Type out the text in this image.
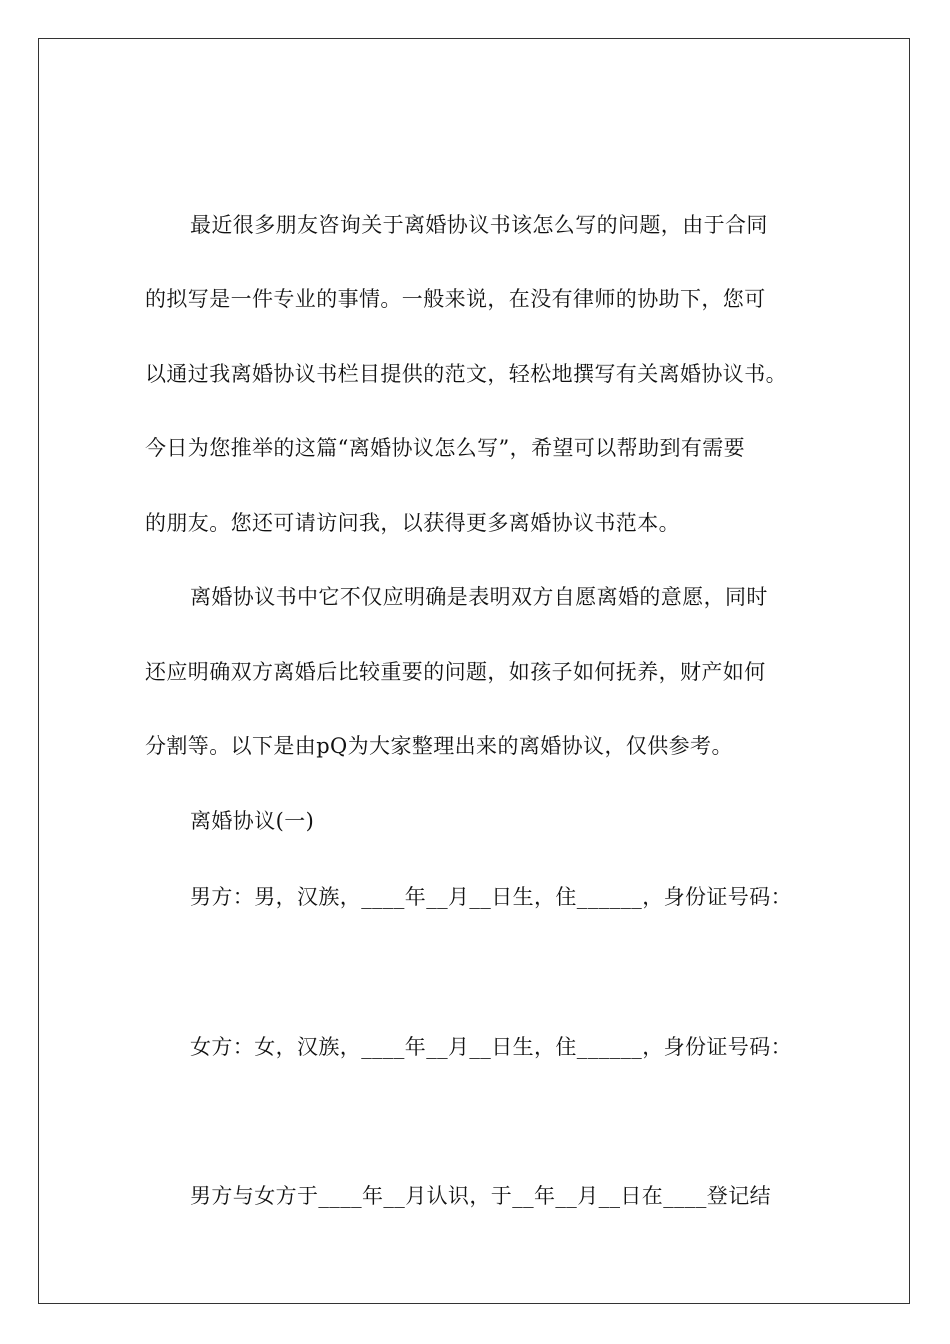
最近很多朋友咨询关于离婚协议书该怎么写的问题，由于合同
的拟写是一件专业的事情。一般来说，在没有律师的协助下，您可
以通过我离婚协议书栏目提供的范文，轻松地撰写有关离婚协议书。
今日为您推举的这篇“离婚协议怎么写”，希望可以帮助到有需要
的朋友。您还可请访问我，以获得更多离婚协议书范本。
离婚协议书中它不仅应明确是表明双方自愿离婚的意愿，同时
还应明确双方离婚后比较重要的问题，如孩子如何抚养，财产如何
分割等。以下是由pQ为大家整理出来的离婚协议，仅供参考。
离婚协议(一)
男方：男，汉族，____年__月__日生，住______，身份证号码：
女方：女，汉族，____年__月__日生，住______，身份证号码：
男方与女方于____年__月认识，于__年__月__日在____登记结
